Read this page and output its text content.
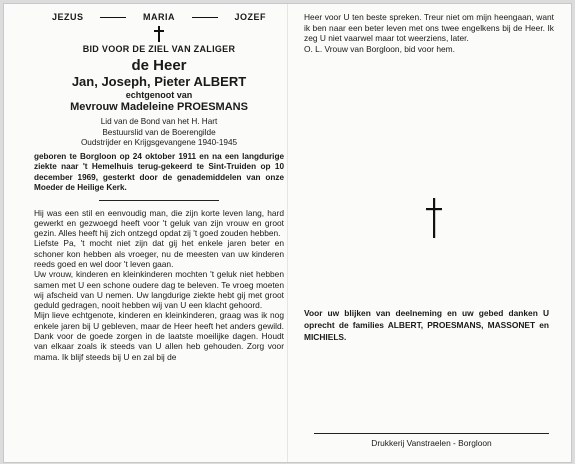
JEZUS	MARIA	JOZEF
BID VOOR DE ZIEL VAN ZALIGER
de Heer
Jan, Joseph, Pieter ALBERT
echtgenoot van
Mevrouw Madeleine PROESMANS
Lid van de Bond van het H. Hart
Bestuurslid van de Boerengilde
Oudstrijder en Krijgsgevangene 1940-1945
geboren te Borgloon op 24 oktober 1911 en na een langdurige ziekte naar 't Hemelhuis terug-gekeerd te Sint-Truiden op 10 december 1969, gesterkt door de genademiddelen van onze Moeder de Heilige Kerk.

Hij was een stil en eenvoudig man, die zijn korte leven lang, hard gewerkt en gezwoegd heeft voor 't geluk van zijn vrouw en groot gezin. Alles heeft hij zich ontzegd opdat zij 't goed zouden hebben.

Liefste Pa, 't mocht niet zijn dat gij het enkele jaren beter en schoner kon hebben als vroeger, nu de meesten van uw kinderen reeds goed en wel door 't leven gaan.

Uw vrouw, kinderen en kleinkinderen mochten 't geluk niet hebben samen met U een schone oudere dag te beleven. Te vroeg moeten wij afscheid van U nemen. Uw langdurige ziekte hebt gij met groot geduld gedragen, nooit hebben wij van U een klacht gehoord.

Mijn lieve echtgenote, kinderen en kleinkinderen, graag was ik nog enkele jaren bij U gebleven, maar de Heer heeft het anders gewild. Dank voor de goede zorgen in de laatste moeilijke dagen. Houdt van elkaar zoals ik steeds van U allen heb gehouden. Zorg voor mama. Ik blijf steeds bij U en zal bij de

Heer voor U ten beste spreken. Treur niet om mijn heengaan, want ik ben naar een beter leven met ons twee engelkens bij de Heer. Ik zeg U niet vaarwel maar tot weerziens, later.

O. L. Vrouw van Borgloon, bid voor hem.

Voor uw blijken van deelneming en uw gebed danken U oprecht de families ALBERT, PROESMANS, MASSONET en MICHIELS.
Drukkerij Vanstraelen - Borgloon
